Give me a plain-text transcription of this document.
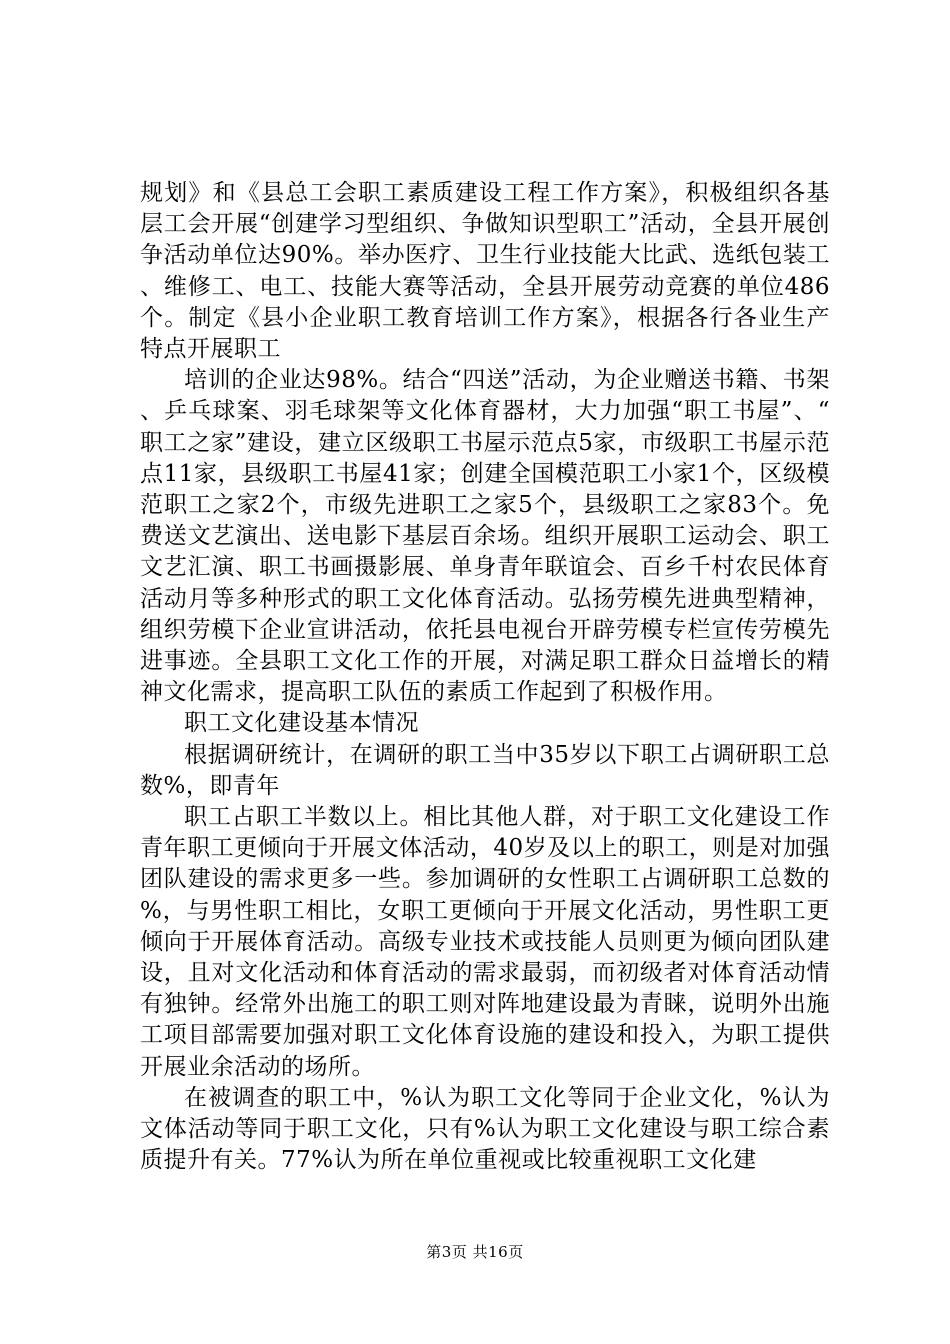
规划》和《县总工会职工素质建设工程工作方案》，积极组织各基层工会开展“创建学习型组织、争做知识型职工”活动，全县开展创争活动单位达90%。举办医疗、卫生行业技能大比武、选纸包装工、维修工、电工、技能大赛等活动，全县开展劳动竞赛的单位486个。制定《县小企业职工教育培训工作方案》，根据各行各业生产特点开展职工

培训的企业达98%。结合“四送”活动，为企业赠送书籍、书架、乒乓球案、羽毛球架等文化体育器材，大力加强“职工书屋”、“职工之家”建设，建立区级职工书屋示范点5家，市级职工书屋示范点11家，县级职工书屋41家；创建全国模范职工小家1个，区级模范职工之家2个，市级先进职工之家5个，县级职工之家83个。免费送文艺演出、送电影下基层百余场。组织开展职工运动会、职工文艺汇演、职工书画摄影展、单身青年联谊会、百乡千村农民体育活动月等多种形式的职工文化体育活动。弘扬劳模先进典型精神，组织劳模下企业宣讲活动，依托县电视台开辟劳模专栏宣传劳模先进事迹。全县职工文化工作的开展，对满足职工群众日益增长的精神文化需求，提高职工队伍的素质工作起到了积极作用。

职工文化建设基本情况

根据调研统计，在调研的职工当中35岁以下职工占调研职工总数%，即青年

职工占职工半数以上。相比其他人群，对于职工文化建设工作青年职工更倾向于开展文体活动，40岁及以上的职工，则是对加强团队建设的需求更多一些。参加调研的女性职工占调研职工总数的%，与男性职工相比，女职工更倾向于开展文化活动，男性职工更倾向于开展体育活动。高级专业技术或技能人员则更为倾向团队建设，且对文化活动和体育活动的需求最弱，而初级者对体育活动情有独钟。经常外出施工的职工则对阵地建设最为青睐，说明外出施工项目部需要加强对职工文化体育设施的建设和投入，为职工提供开展业余活动的场所。

在被调查的职工中，%认为职工文化等同于企业文化，%认为文体活动等同于职工文化，只有%认为职工文化建设与职工综合素质提升有关。77%认为所在单位重视或比较重视职工文化建

第3页 共16页
